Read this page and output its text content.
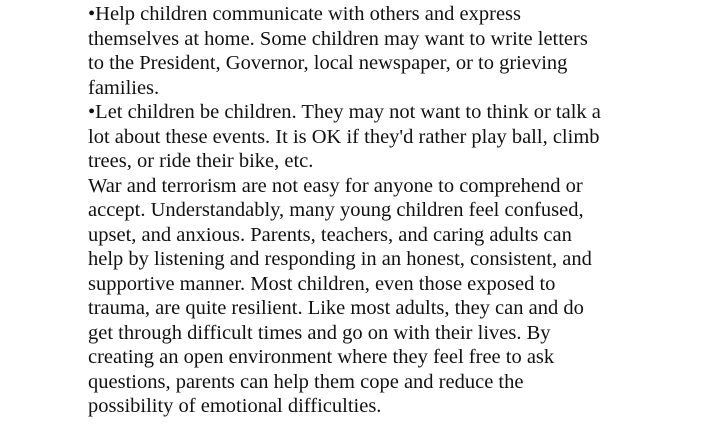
•Help children communicate with others and express
themselves at home. Some children may want to write letters
to the President, Governor, local newspaper, or to grieving
families.
•Let children be children. They may not want to think or talk a
lot about these events. It is OK if they'd rather play ball, climb
trees, or ride their bike, etc.
War and terrorism are not easy for anyone to comprehend or
accept. Understandably, many young children feel confused,
upset, and anxious. Parents, teachers, and caring adults can
help by listening and responding in an honest, consistent, and
supportive manner. Most children, even those exposed to
trauma, are quite resilient. Like most adults, they can and do
get through difficult times and go on with their lives. By
creating an open environment where they feel free to ask
questions, parents can help them cope and reduce the
possibility of emotional difficulties.
